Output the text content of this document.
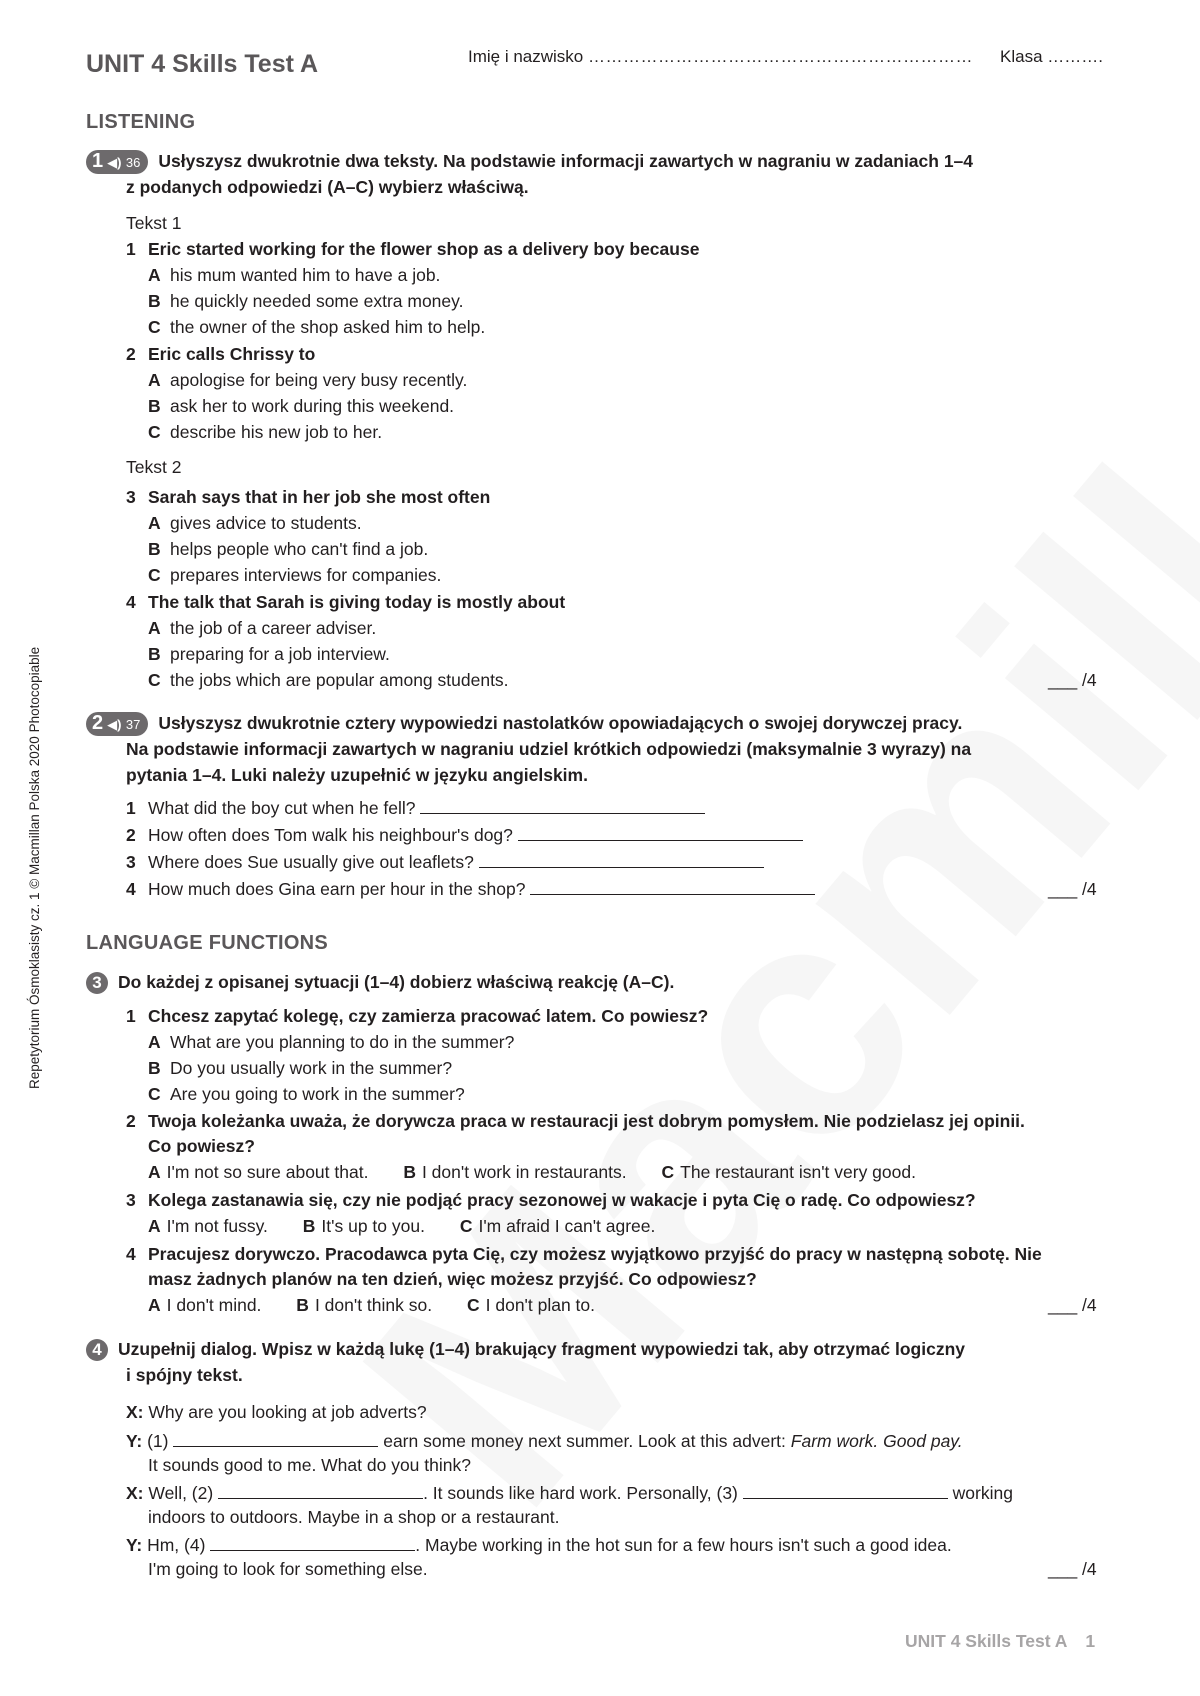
Repetytorium Ósmoklasisty cz. 1 © Macmillan Polska 2020 Photocopiable
UNIT 4 Skills Test A	Imię i nazwisko ………………………………………………………… Klasa ……….
LISTENING
1 ◀) 36 Usłyszysz dwukrotnie dwa teksty. Na podstawie informacji zawartych w nagraniu w zadaniach 1–4
z podanych odpowiedzi (A–C) wybierz właściwą.
Tekst 1
1 Eric started working for the flower shop as a delivery boy because
A his mum wanted him to have a job.
B he quickly needed some extra money.
C the owner of the shop asked him to help.
2 Eric calls Chrissy to
A apologise for being very busy recently.
B ask her to work during this weekend.
C describe his new job to her.
Tekst 2
3 Sarah says that in her job she most often
A gives advice to students.
B helps people who can't find a job.
C prepares interviews for companies.
4 The talk that Sarah is giving today is mostly about
A the job of a career adviser.
B preparing for a job interview.
C the jobs which are popular among students.	___ /4
2 ◀) 37 Usłyszysz dwukrotnie cztery wypowiedzi nastolatków opowiadających o swojej dorywczej pracy.
Na podstawie informacji zawartych w nagraniu udziel krótkich odpowiedzi (maksymalnie 3 wyrazy) na
pytania 1–4. Luki należy uzupełnić w języku angielskim.
1 What did the boy cut when he fell?
2 How often does Tom walk his neighbour's dog?
3 Where does Sue usually give out leaflets?
4 How much does Gina earn per hour in the shop?	___ /4
LANGUAGE FUNCTIONS
3 Do każdej z opisanej sytuacji (1–4) dobierz właściwą reakcję (A–C).
1 Chcesz zapytać kolegę, czy zamierza pracować latem. Co powiesz?
A What are you planning to do in the summer?
B Do you usually work in the summer?
C Are you going to work in the summer?
2 Twoja koleżanka uważa, że dorywcza praca w restauracji jest dobrym pomysłem. Nie podzielasz jej opinii.
Co powiesz?
A I'm not so sure about that. B I don't work in restaurants. C The restaurant isn't very good.
3 Kolega zastanawia się, czy nie podjąć pracy sezonowej w wakacje i pyta Cię o radę. Co odpowiesz?
A I'm not fussy. B It's up to you. C I'm afraid I can't agree.
4 Pracujesz dorywczo. Pracodawca pyta Cię, czy możesz wyjątkowo przyjść do pracy w następną sobotę. Nie
masz żadnych planów na ten dzień, więc możesz przyjść. Co odpowiesz?
A I don't mind. B I don't think so. C I don't plan to.	___ /4
4 Uzupełnij dialog. Wpisz w każdą lukę (1–4) brakujący fragment wypowiedzi tak, aby otrzymać logiczny
i spójny tekst.
X: Why are you looking at job adverts?
Y: (1)	earn some money next summer. Look at this advert: Farm work. Good pay.
It sounds good to me. What do you think?
X: Well, (2)	. It sounds like hard work. Personally, (3)	working
indoors to outdoors. Maybe in a shop or a restaurant.
Y: Hm, (4)	. Maybe working in the hot sun for a few hours isn't such a good idea.
I'm going to look for something else.	___ /4
UNIT 4 Skills Test A 1
